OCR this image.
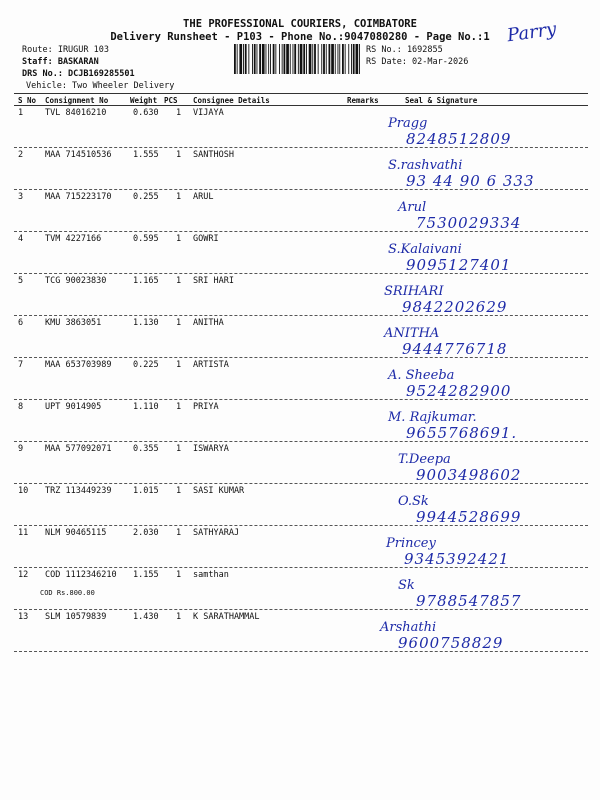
THE PROFESSIONAL COURIERS, COIMBATORE
Delivery Runsheet - P103 - Phone No.:9047080280 - Page No.:1 Parry
Route: IRUGUR 103
Staff: BASKARAN
DRS No.: DCJB169285501
Vehicle: Two Wheeler Delivery
RS No.: 1692855
RS Date: 02-Mar-2026
S No Consignment No	Weight PCS Consignee Details	Remarks	Seal & Signature
1	TVL 84016210	0.630 1 VIJAYA
Pragg
8248512809
2	MAA 714510536	1.555 1 SANTHOSH
S.rashvathi
93 44 90 6 333
3	MAA 715223170	0.255 1 ARUL
Arul
7530029334
4	TVM 4227166	0.595 1 GOWRI
S.Kalaivani
9095127401
5	TCG 90023830	1.165 1 SRI HARI
SRIHARI
9842202629
6	KMU 3863051	1.130 1 ANITHA
ANITHA
9444776718
7	MAA 653703989	0.225 1 ARTISTA
A. Sheeba
9524282900
8	UPT 9014905	1.110 1 PRIYA
M. Rajkumar.
9655768691.
9	MAA 577092071	0.355 1 ISWARYA
T.Deepa
9003498602
10 TRZ 113449239	1.015 1 SASI KUMAR
O.Sk
9944528699
11 NLM 90465115	2.030 1 SATHYARAJ
Princey
9345392421
12 COD 1112346210 1.155 1 samthan
COD Rs.800.00	Sk
9788547857
13 SLM 10579839	1.430 1 K SARATHAMMAL
Arshathi
9600758829
